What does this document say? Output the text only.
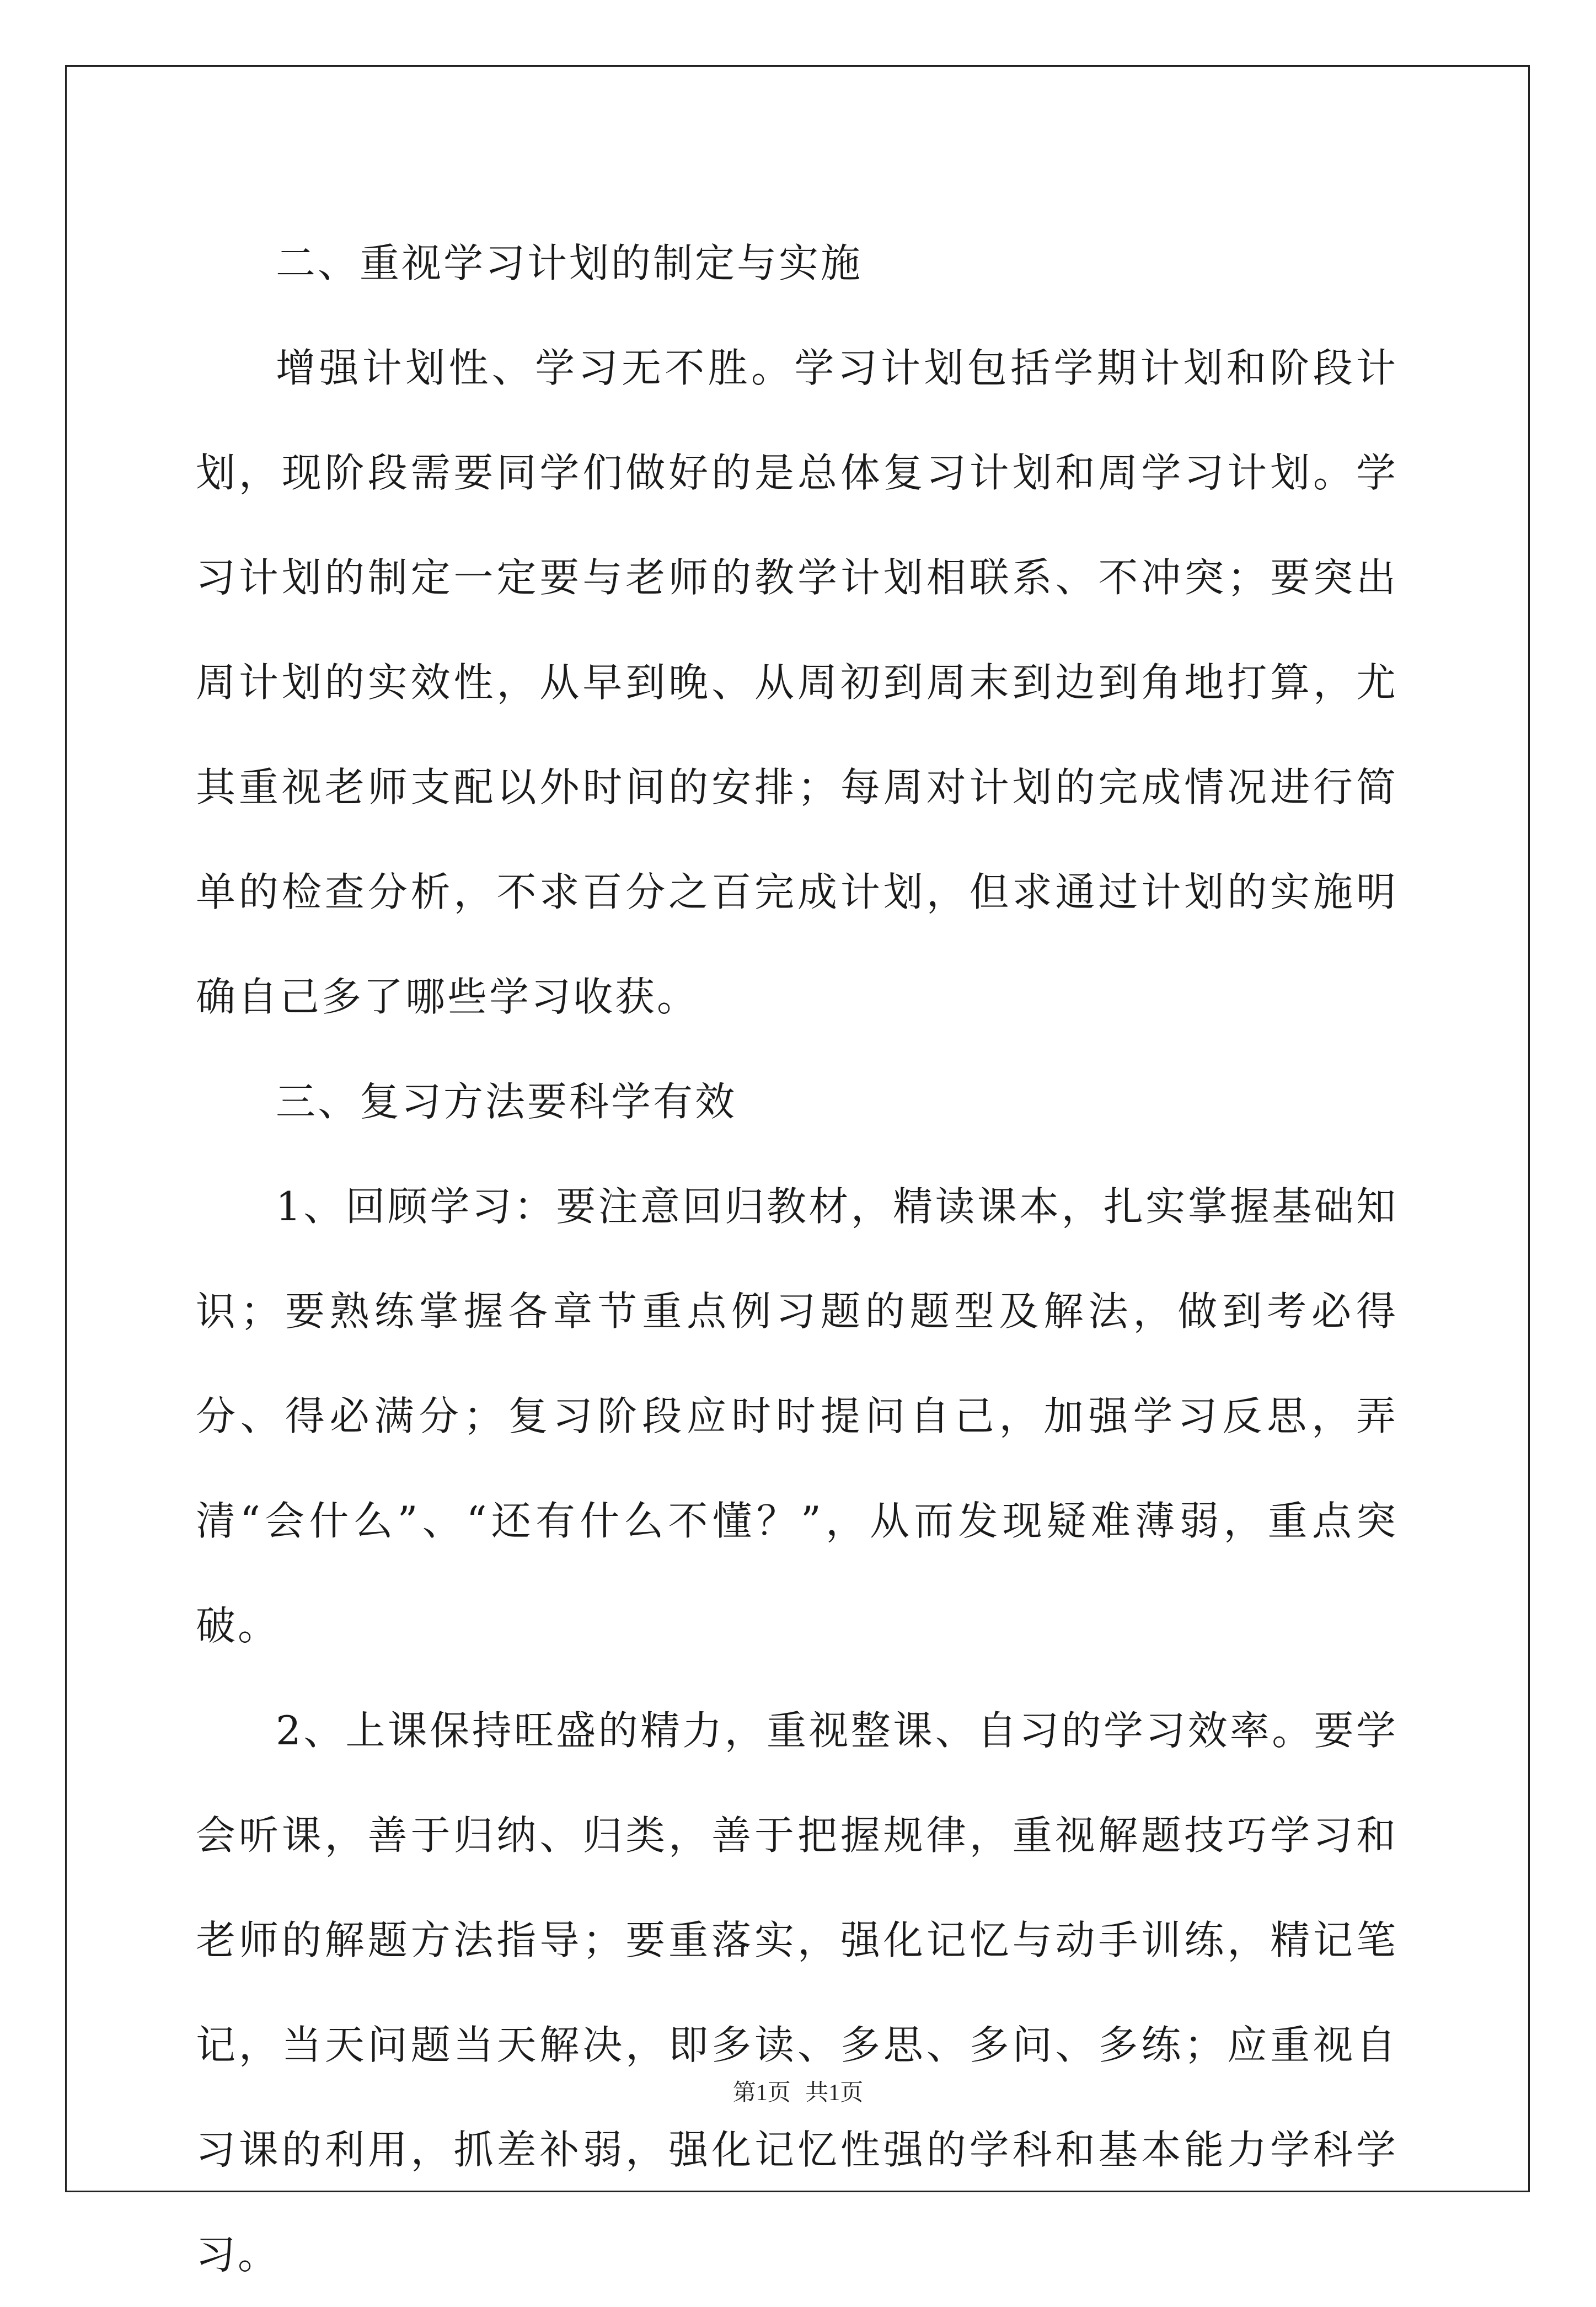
二、重视学习计划的制定与实施

增强计划性、学习无不胜。学习计划包括学期计划和阶段计划，现阶段需要同学们做好的是总体复习计划和周学习计划。学习计划的制定一定要与老师的教学计划相联系、不冲突；要突出周计划的实效性，从早到晚、从周初到周末到边到角地打算，尤其重视老师支配以外时间的安排；每周对计划的完成情况进行简单的检查分析，不求百分之百完成计划，但求通过计划的实施明确自己多了哪些学习收获。

三、复习方法要科学有效

1、回顾学习：要注意回归教材，精读课本，扎实掌握基础知识；要熟练掌握各章节重点例习题的题型及解法，做到考必得分、得必满分；复习阶段应时时提问自己，加强学习反思，弄清“会什么”、“还有什么不懂？”，从而发现疑难薄弱，重点突破。

2、上课保持旺盛的精力，重视整课、自习的学习效率。要学会听课，善于归纳、归类，善于把握规律，重视解题技巧学习和老师的解题方法指导；要重落实，强化记忆与动手训练，精记笔记，当天问题当天解决，即多读、多思、多问、多练；应重视自习课的利用，抓差补弱，强化记忆性强的学科和基本能力学科学习。

第1页 共1页
